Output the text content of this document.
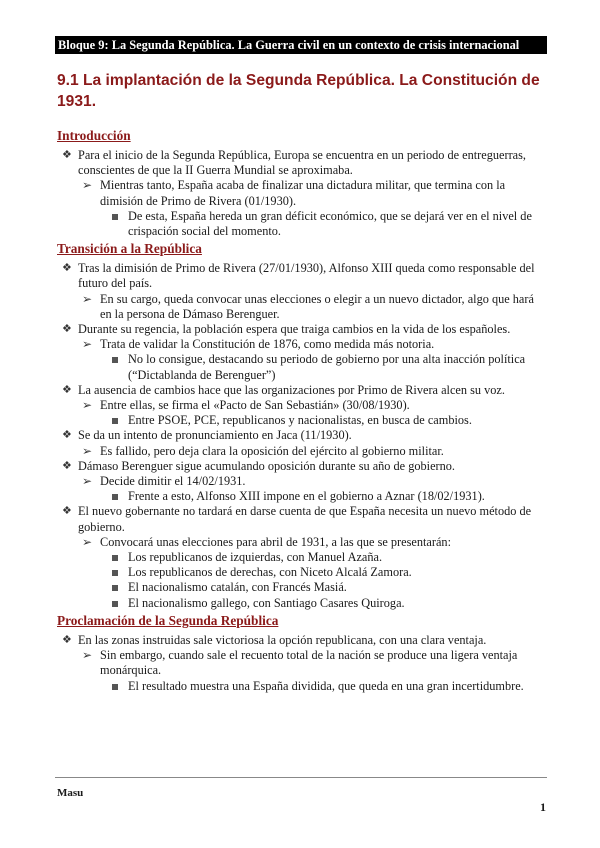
Bloque 9: La Segunda República. La Guerra civil en un contexto de crisis internacional
9.1 La implantación de la Segunda República. La Constitución de 1931.
Introducción
❖ Para el inicio de la Segunda República, Europa se encuentra en un periodo de entreguerras, conscientes de que la II Guerra Mundial se aproximaba.
➢ Mientras tanto, España acaba de finalizar una dictadura militar, que termina con la dimisión de Primo de Rivera (01/1930).
De esta, España hereda un gran déficit económico, que se dejará ver en el nivel de crispación social del momento.
Transición a la República
❖ Tras la dimisión de Primo de Rivera (27/01/1930), Alfonso XIII queda como responsable del futuro del país.
➢ En su cargo, queda convocar unas elecciones o elegir a un nuevo dictador, algo que hará en la persona de Dámaso Berenguer.
❖ Durante su regencia, la población espera que traiga cambios en la vida de los españoles.
➢ Trata de validar la Constitución de 1876, como medida más notoria.
No lo consigue, destacando su periodo de gobierno por una alta inacción política (“Dictablanda de Berenguer”)
❖ La ausencia de cambios hace que las organizaciones por Primo de Rivera alcen su voz.
➢ Entre ellas, se firma el «Pacto de San Sebastián» (30/08/1930).
Entre PSOE, PCE, republicanos y nacionalistas, en busca de cambios.
❖ Se da un intento de pronunciamiento en Jaca (11/1930).
➢ Es fallido, pero deja clara la oposición del ejército al gobierno militar.
❖ Dámaso Berenguer sigue acumulando oposición durante su año de gobierno.
➢ Decide dimitir el 14/02/1931.
Frente a esto, Alfonso XIII impone en el gobierno a Aznar (18/02/1931).
❖ El nuevo gobernante no tardará en darse cuenta de que España necesita un nuevo método de gobierno.
➢ Convocará unas elecciones para abril de 1931, a las que se presentarán:
Los republicanos de izquierdas, con Manuel Azaña.
Los republicanos de derechas, con Niceto Alcalá Zamora.
El nacionalismo catalán, con Francés Masiá.
El nacionalismo gallego, con Santiago Casares Quiroga.
Proclamación de la Segunda República
❖ En las zonas instruidas sale victoriosa la opción republicana, con una clara ventaja.
➢ Sin embargo, cuando sale el recuento total de la nación se produce una ligera ventaja monárquica.
El resultado muestra una España dividida, que queda en una gran incertidumbre.
Masu
1
